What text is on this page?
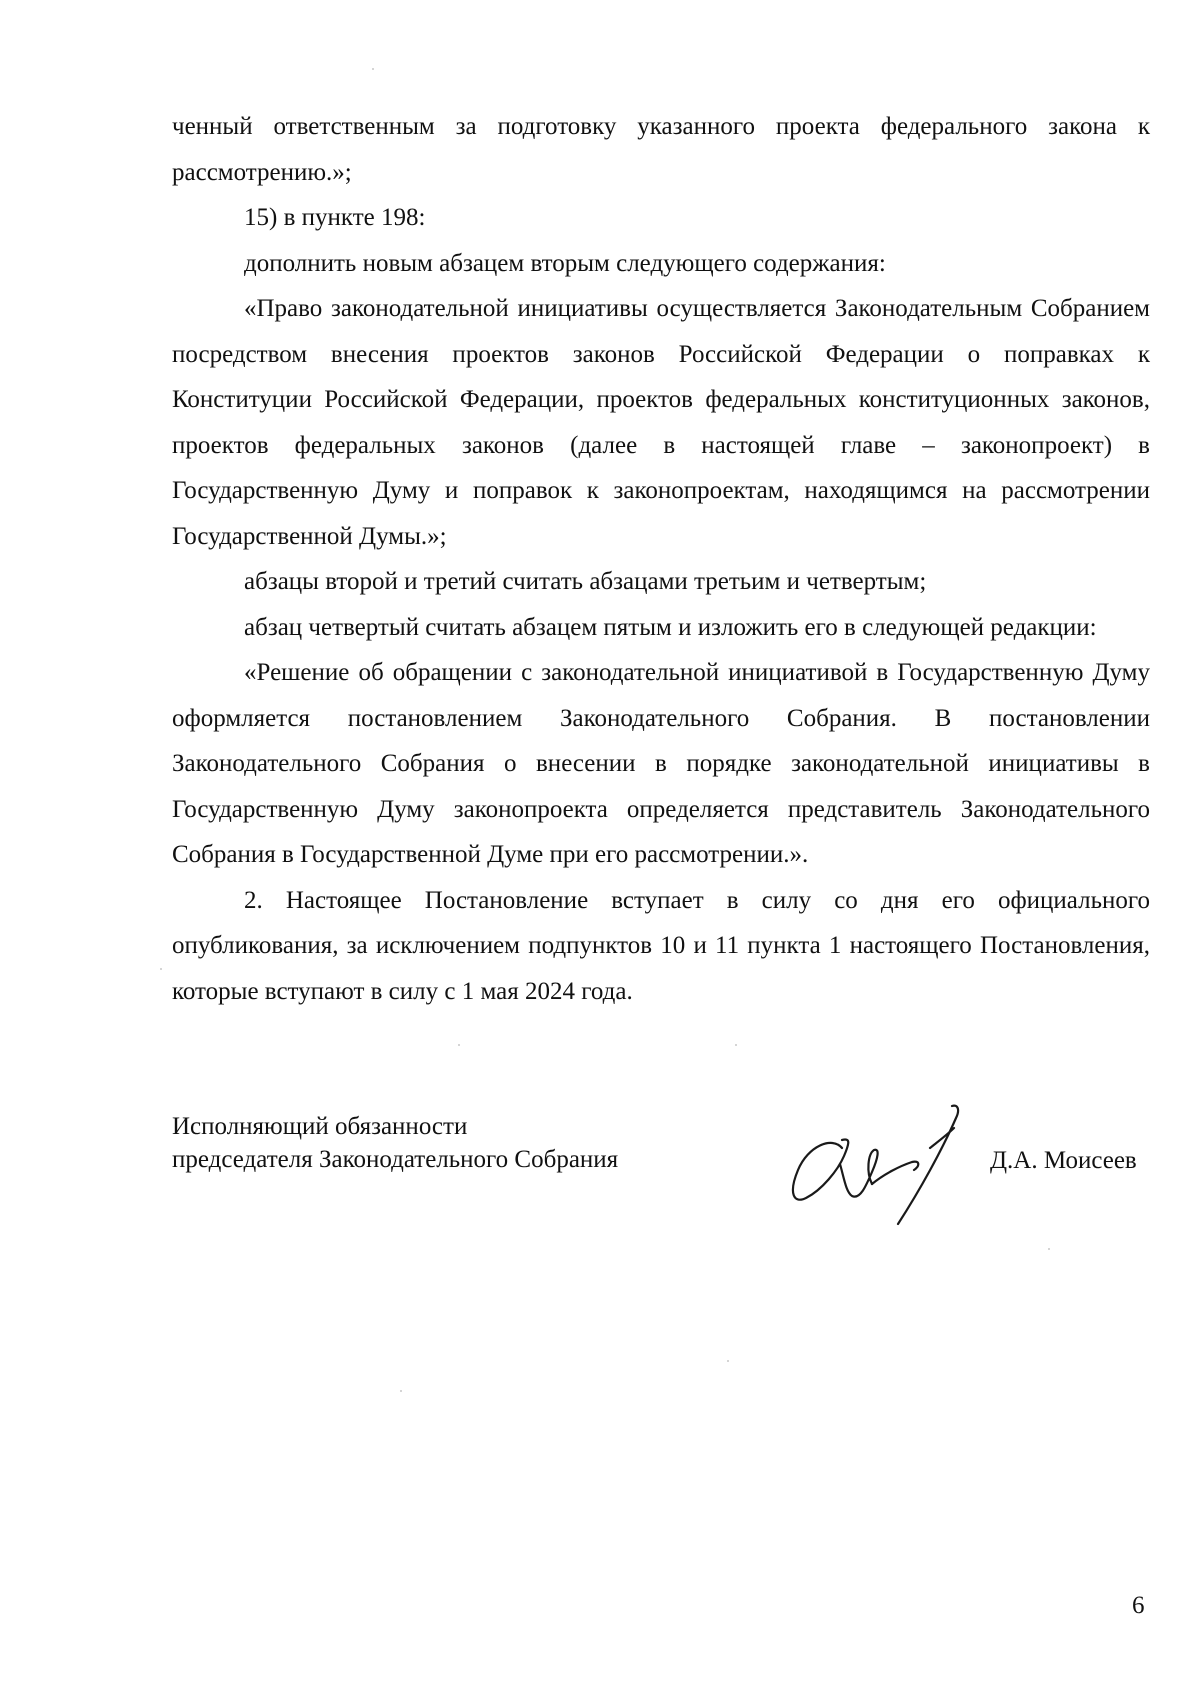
ченный ответственным за подготовку указанного проекта федерального закона к рассмотрению.»;

15) в пункте 198:

дополнить новым абзацем вторым следующего содержания:

«Право законодательной инициативы осуществляется Законодательным Собранием посредством внесения проектов законов Российской Федерации о поправках к Конституции Российской Федерации, проектов федеральных конституционных законов, проектов федеральных законов (далее в настоящей главе – законопроект) в Государственную Думу и поправок к законопроектам, находящимся на рассмотрении Государственной Думы.»;

абзацы второй и третий считать абзацами третьим и четвертым;

абзац четвертый считать абзацем пятым и изложить его в следующей редакции:

«Решение об обращении с законодательной инициативой в Государственную Думу оформляется постановлением Законодательного Собрания. В постановлении Законодательного Собрания о внесении в порядке законодательной инициативы в Государственную Думу законопроекта определяется представитель Законодательного Собрания в Государственной Думе при его рассмотрении.».

2. Настоящее Постановление вступает в силу со дня его официального опубликования, за исключением подпунктов 10 и 11 пункта 1 настоящего Постановления, которые вступают в силу с 1 мая 2024 года.

Исполняющий обязанности
председателя Законодательного Собрания	Д.А. Моисеев
6
